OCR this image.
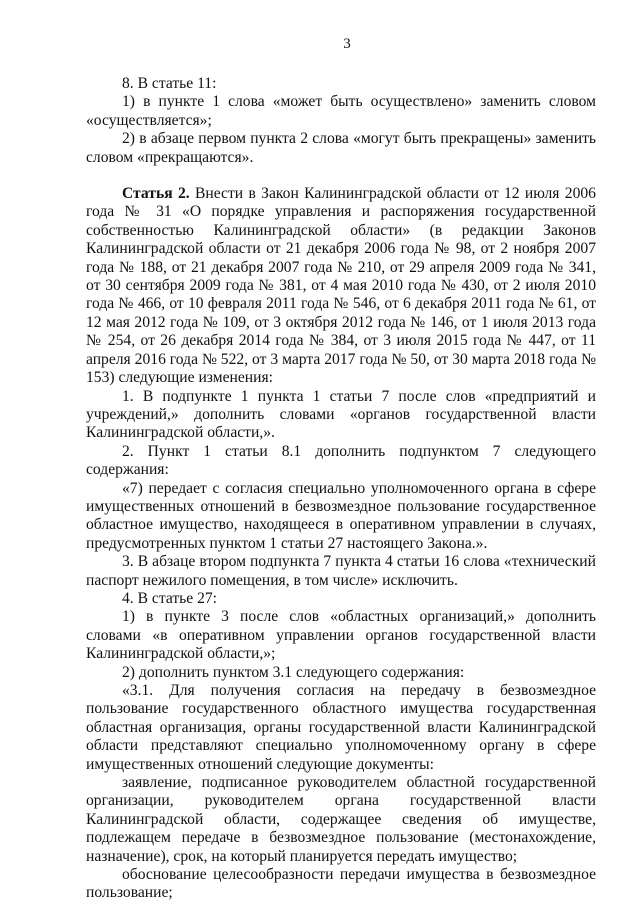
3

8. В статье 11:

1) в пункте 1 слова «может быть осуществлено» заменить словом «осуществляется»;

2) в абзаце первом пункта 2 слова «могут быть прекращены» заменить словом «прекращаются».

Статья 2. Внести в Закон Калининградской области от 12 июля 2006 года № 31 «О порядке управления и распоряжения государственной собственностью Калининградской области» (в редакции Законов Калининградской области от 21 декабря 2006 года № 98, от 2 ноября 2007 года № 188, от 21 декабря 2007 года № 210, от 29 апреля 2009 года № 341, от 30 сентября 2009 года № 381, от 4 мая 2010 года № 430, от 2 июля 2010 года № 466, от 10 февраля 2011 года № 546, от 6 декабря 2011 года № 61, от 12 мая 2012 года № 109, от 3 октября 2012 года № 146, от 1 июля 2013 года № 254, от 26 декабря 2014 года № 384, от 3 июля 2015 года № 447, от 11 апреля 2016 года № 522, от 3 марта 2017 года № 50, от 30 марта 2018 года № 153) следующие изменения:

1. В подпункте 1 пункта 1 статьи 7 после слов «предприятий и учреждений,» дополнить словами «органов государственной власти Калининградской области,».

2. Пункт 1 статьи 8.1 дополнить подпунктом 7 следующего содержания:

«7) передает с согласия специально уполномоченного органа в сфере имущественных отношений в безвозмездное пользование государственное областное имущество, находящееся в оперативном управлении в случаях, предусмотренных пунктом 1 статьи 27 настоящего Закона.».

3. В абзаце втором подпункта 7 пункта 4 статьи 16 слова «технический паспорт нежилого помещения, в том числе» исключить.

4. В статье 27:

1) в пункте 3 после слов «областных организаций,» дополнить словами «в оперативном управлении органов государственной власти Калининградской области,»;

2) дополнить пунктом 3.1 следующего содержания:

«3.1. Для получения согласия на передачу в безвозмездное пользование государственного областного имущества государственная областная организация, органы государственной власти Калининградской области представляют специально уполномоченному органу в сфере имущественных отношений следующие документы:

заявление, подписанное руководителем областной государственной организации, руководителем органа государственной власти Калининградской области, содержащее сведения об имуществе, подлежащем передаче в безвозмездное пользование (местонахождение, назначение), срок, на который планируется передать имущество;

обоснование целесообразности передачи имущества в безвозмездное пользование;
